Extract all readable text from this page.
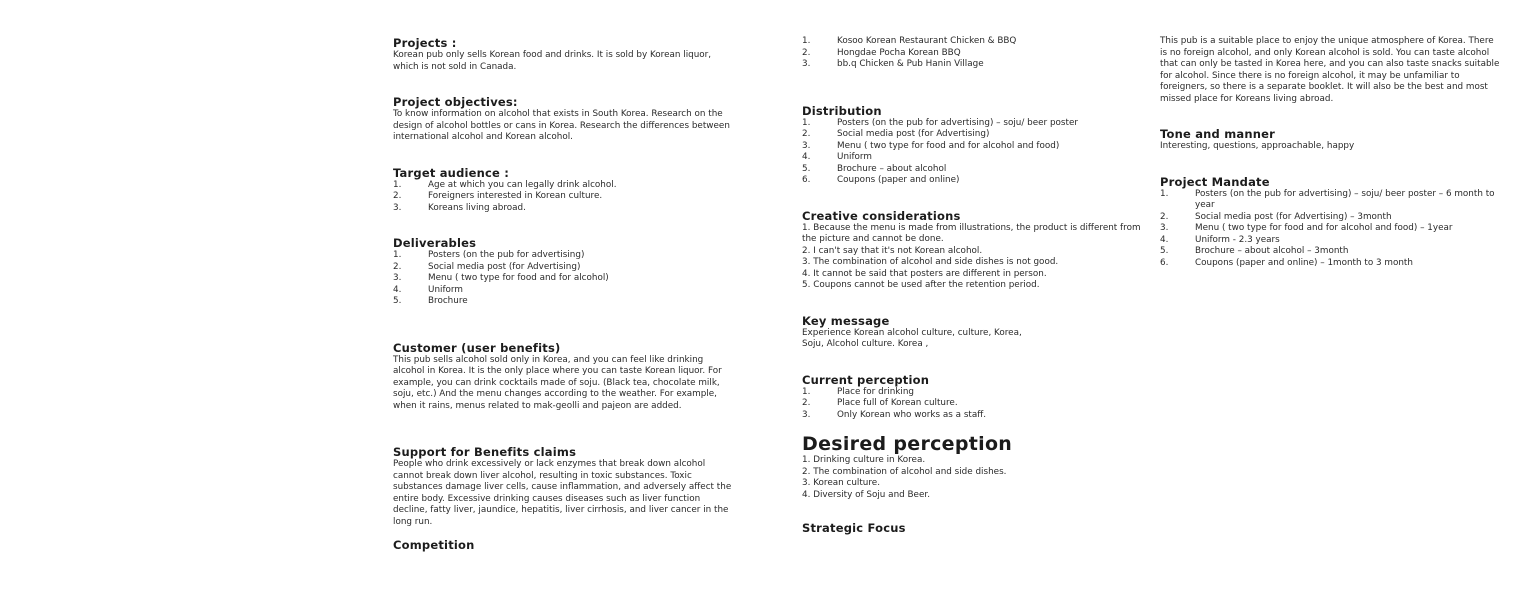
Projects :

Korean pub only sells Korean food and drinks. It is sold by Korean liquor, which is not sold in Canada.

Project objectives:

To know information on alcohol that exists in South Korea. Research on the design of alcohol bottles or cans in Korea. Research the differences between international alcohol and Korean alcohol.

Target audience :
1.	Age at which you can legally drink alcohol.
2.	Foreigners interested in Korean culture.
3.	Koreans living abroad.
Deliverables
1.	Posters (on the pub for advertising)
2.	Social media post (for Advertising)
3.	Menu ( two type for food and for alcohol)
4.	Uniform
5.	Brochure
Customer (user benefits)

This pub sells alcohol sold only in Korea, and you can feel like drinking alcohol in Korea. It is the only place where you can taste Korean liquor. For example, you can drink cocktails made of soju. (Black tea, chocolate milk, soju, etc.) And the menu changes according to the weather. For example, when it rains, menus related to mak-geolli and pajeon are added.

Support for Benefits claims

People who drink excessively or lack enzymes that break down alcohol cannot break down liver alcohol, resulting in toxic substances. Toxic substances damage liver cells, cause inflammation, and adversely affect the entire body. Excessive drinking causes diseases such as liver function decline, fatty liver, jaundice, hepatitis, liver cirrhosis, and liver cancer in the long run.

Competition
1.	Kosoo Korean Restaurant Chicken & BBQ
2.	Hongdae Pocha Korean BBQ
3.	bb.q Chicken & Pub Hanin Village
Distribution
1.	Posters (on the pub for advertising) – soju/ beer poster
2.	Social media post (for Advertising)
3.	Menu ( two type for food and for alcohol and food)
4.	Uniform
5.	Brochure – about alcohol
6.	Coupons (paper and online)
Creative considerations
1. Because the menu is made from illustrations, the product is different from the picture and cannot be done.
2. I can't say that it's not Korean alcohol.
3. The combination of alcohol and side dishes is not good.
4. It cannot be said that posters are different in person.
5. Coupons cannot be used after the retention period.
Key message

Experience Korean alcohol culture, culture, Korea, Soju, Alcohol culture. Korea ,

Current perception
1.	Place for drinking
2.	Place full of Korean culture.
3.	Only Korean who works as a staff.
Desired perception
1. Drinking culture in Korea.
2. The combination of alcohol and side dishes.
3. Korean culture.
4. Diversity of Soju and Beer.
Strategic Focus

This pub is a suitable place to enjoy the unique atmosphere of Korea. There is no foreign alcohol, and only Korean alcohol is sold. You can taste alcohol that can only be tasted in Korea here, and you can also taste snacks suitable for alcohol. Since there is no foreign alcohol, it may be unfamiliar to foreigners, so there is a separate booklet. It will also be the best and most missed place for Koreans living abroad.

Tone and manner

Interesting, questions, approachable, happy

Project Mandate
1.	Posters (on the pub for advertising) – soju/ beer poster – 6 month to year
2.	Social media post (for Advertising) – 3month
3.	Menu ( two type for food and for alcohol and food) – 1year
4.	Uniform - 2.3 years
5.	Brochure – about alcohol – 3month
6.	Coupons (paper and online) – 1month to 3 month
